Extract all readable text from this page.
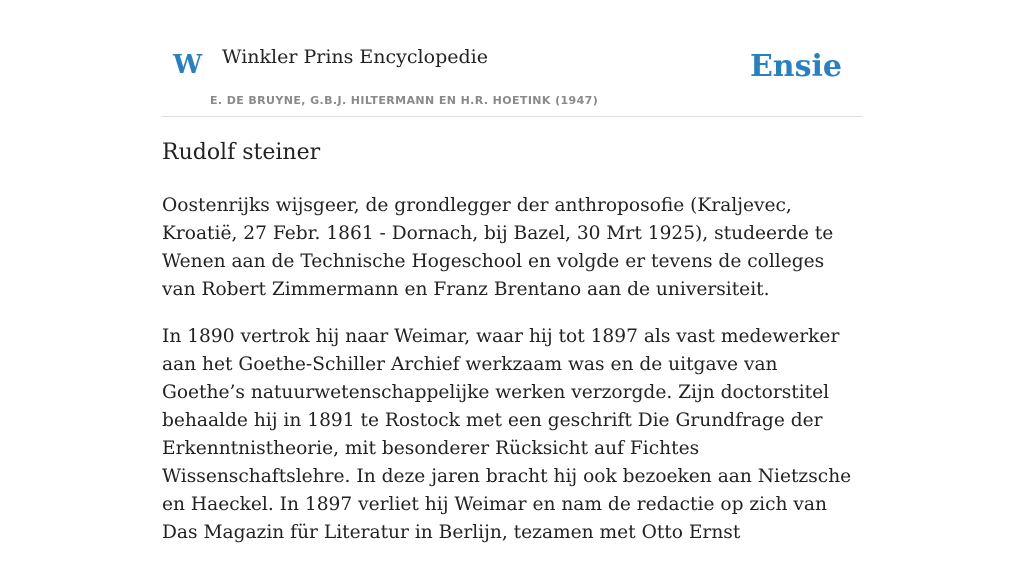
W Winkler Prins Encyclopedie
E. DE BRUYNE, G.B.J. HILTERMANN EN H.R. HOETINK (1947)
Ensie
Rudolf steiner

Oostenrijks wijsgeer, de grondlegger der anthroposofie (Kraljevec, Kroatië, 27 Febr. 1861 - Dornach, bij Bazel, 30 Mrt 1925), studeerde te Wenen aan de Technische Hogeschool en volgde er tevens de colleges van Robert Zimmermann en Franz Brentano aan de universiteit.

In 1890 vertrok hij naar Weimar, waar hij tot 1897 als vast medewerker aan het Goethe-Schiller Archief werkzaam was en de uitgave van Goethe’s natuurwetenschappelijke werken verzorgde. Zijn doctorstitel behaalde hij in 1891 te Rostock met een geschrift Die Grundfrage der Erkenntnistheorie, mit besonderer Rücksicht auf Fichtes Wissenschaftslehre. In deze jaren bracht hij ook bezoeken aan Nietzsche en Haeckel. In 1897 verliet hij Weimar en nam de redactie op zich van Das Magazin für Literatur in Berlijn, tezamen met Otto Ernst
